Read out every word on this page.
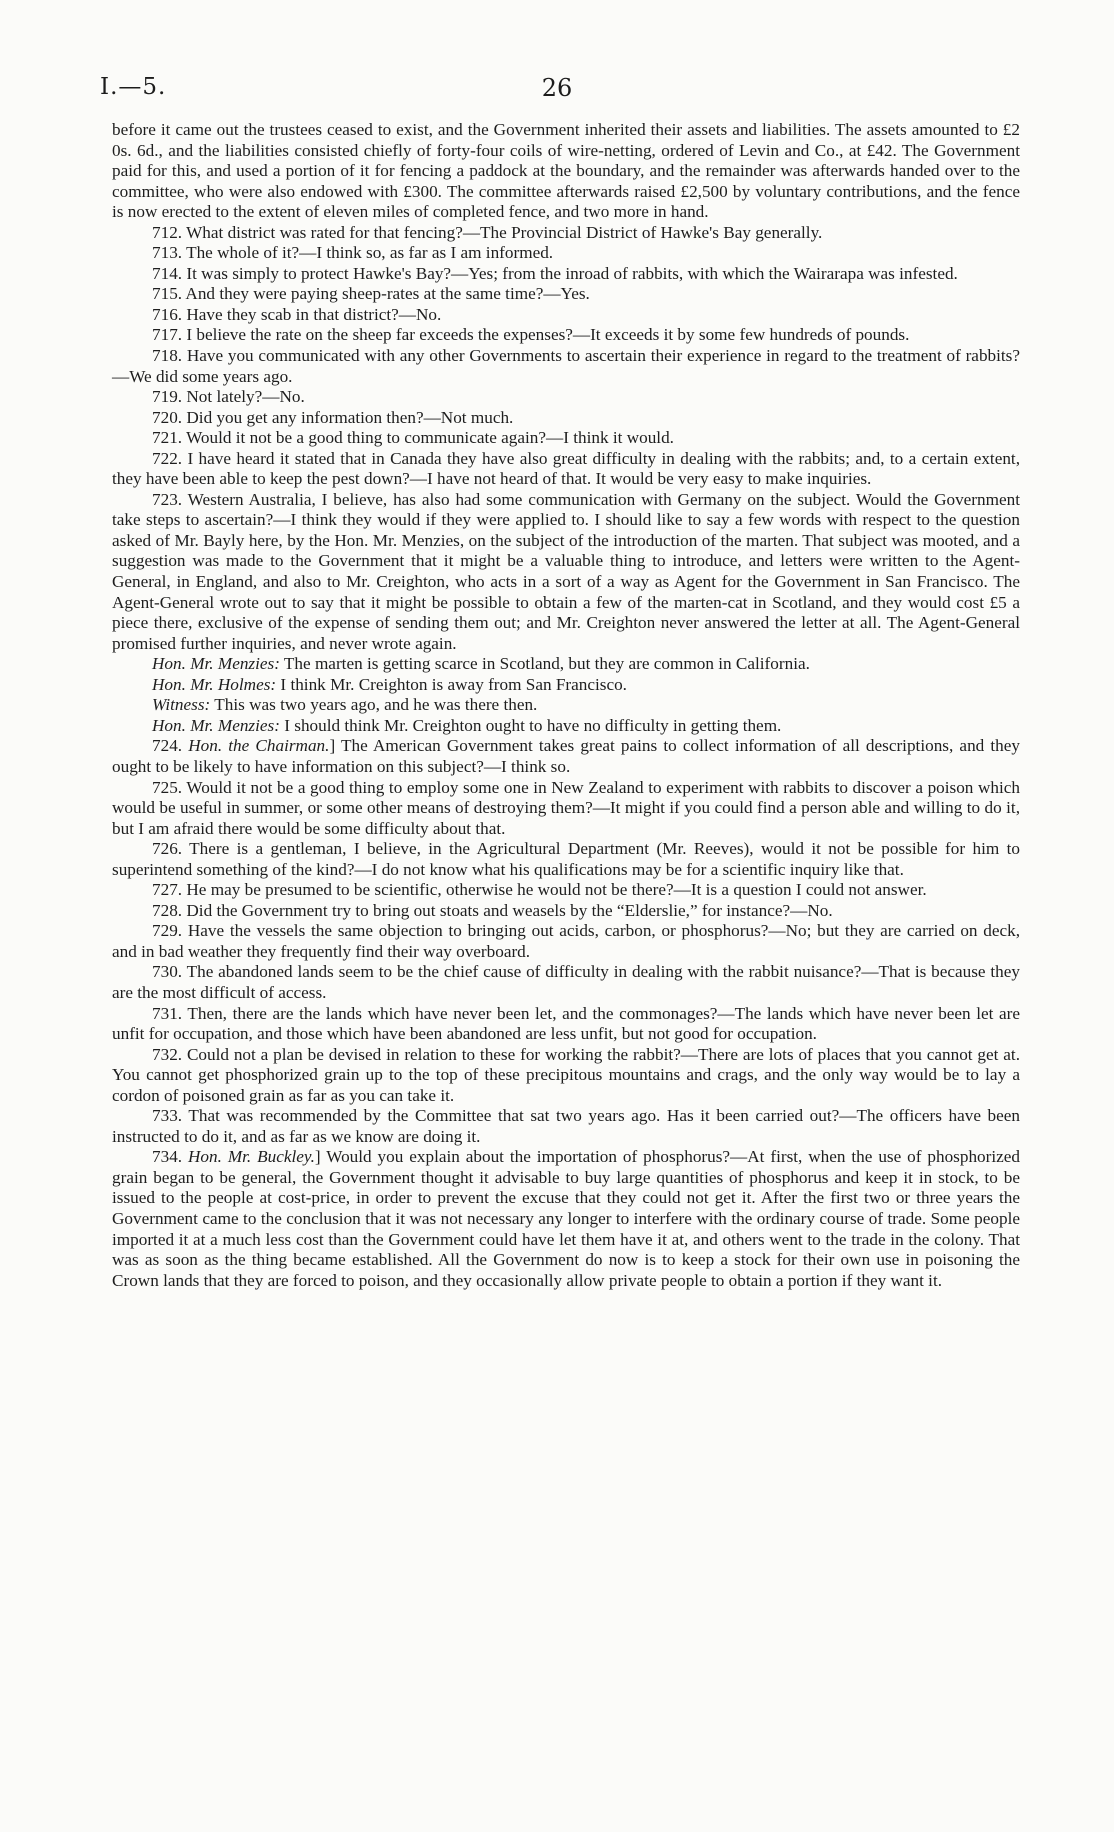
I.—5.	26

before it came out the trustees ceased to exist, and the Government inherited their assets and liabilities. The assets amounted to £2 0s. 6d., and the liabilities consisted chiefly of forty-four coils of wire-netting, ordered of Levin and Co., at £42. The Government paid for this, and used a portion of it for fencing a paddock at the boundary, and the remainder was afterwards handed over to the committee, who were also endowed with £300. The committee afterwards raised £2,500 by voluntary contributions, and the fence is now erected to the extent of eleven miles of completed fence, and two more in hand.

712. What district was rated for that fencing?—The Provincial District of Hawke's Bay generally.

713. The whole of it?—I think so, as far as I am informed.

714. It was simply to protect Hawke's Bay?—Yes; from the inroad of rabbits, with which the Wairarapa was infested.

715. And they were paying sheep-rates at the same time?—Yes.

716. Have they scab in that district?—No.

717. I believe the rate on the sheep far exceeds the expenses?—It exceeds it by some few hundreds of pounds.

718. Have you communicated with any other Governments to ascertain their experience in regard to the treatment of rabbits?—We did some years ago.

719. Not lately?—No.

720. Did you get any information then?—Not much.

721. Would it not be a good thing to communicate again?—I think it would.

722. I have heard it stated that in Canada they have also great difficulty in dealing with the rabbits; and, to a certain extent, they have been able to keep the pest down?—I have not heard of that. It would be very easy to make inquiries.

723. Western Australia, I believe, has also had some communication with Germany on the subject. Would the Government take steps to ascertain?—I think they would if they were applied to. I should like to say a few words with respect to the question asked of Mr. Bayly here, by the Hon. Mr. Menzies, on the subject of the introduction of the marten. That subject was mooted, and a suggestion was made to the Government that it might be a valuable thing to introduce, and letters were written to the Agent-General, in England, and also to Mr. Creighton, who acts in a sort of a way as Agent for the Government in San Francisco. The Agent-General wrote out to say that it might be possible to obtain a few of the marten-cat in Scotland, and they would cost £5 a piece there, exclusive of the expense of sending them out; and Mr. Creighton never answered the letter at all. The Agent-General promised further inquiries, and never wrote again.

Hon. Mr. Menzies: The marten is getting scarce in Scotland, but they are common in California.

Hon. Mr. Holmes: I think Mr. Creighton is away from San Francisco.

Witness: This was two years ago, and he was there then.

Hon. Mr. Menzies: I should think Mr. Creighton ought to have no difficulty in getting them.

724. Hon. the Chairman.] The American Government takes great pains to collect information of all descriptions, and they ought to be likely to have information on this subject?—I think so.

725. Would it not be a good thing to employ some one in New Zealand to experiment with rabbits to discover a poison which would be useful in summer, or some other means of destroying them?—It might if you could find a person able and willing to do it, but I am afraid there would be some difficulty about that.

726. There is a gentleman, I believe, in the Agricultural Department (Mr. Reeves), would it not be possible for him to superintend something of the kind?—I do not know what his qualifications may be for a scientific inquiry like that.

727. He may be presumed to be scientific, otherwise he would not be there?—It is a question I could not answer.

728. Did the Government try to bring out stoats and weasels by the “Elderslie,” for instance?—No.

729. Have the vessels the same objection to bringing out acids, carbon, or phosphorus?—No; but they are carried on deck, and in bad weather they frequently find their way overboard.

730. The abandoned lands seem to be the chief cause of difficulty in dealing with the rabbit nuisance?—That is because they are the most difficult of access.

731. Then, there are the lands which have never been let, and the commonages?—The lands which have never been let are unfit for occupation, and those which have been abandoned are less unfit, but not good for occupation.

732. Could not a plan be devised in relation to these for working the rabbit?—There are lots of places that you cannot get at. You cannot get phosphorized grain up to the top of these precipitous mountains and crags, and the only way would be to lay a cordon of poisoned grain as far as you can take it.

733. That was recommended by the Committee that sat two years ago. Has it been carried out?—The officers have been instructed to do it, and as far as we know are doing it.

734. Hon. Mr. Buckley.] Would you explain about the importation of phosphorus?—At first, when the use of phosphorized grain began to be general, the Government thought it advisable to buy large quantities of phosphorus and keep it in stock, to be issued to the people at cost-price, in order to prevent the excuse that they could not get it. After the first two or three years the Government came to the conclusion that it was not necessary any longer to interfere with the ordinary course of trade. Some people imported it at a much less cost than the Government could have let them have it at, and others went to the trade in the colony. That was as soon as the thing became established. All the Government do now is to keep a stock for their own use in poisoning the Crown lands that they are forced to poison, and they occasionally allow private people to obtain a portion if they want it.
